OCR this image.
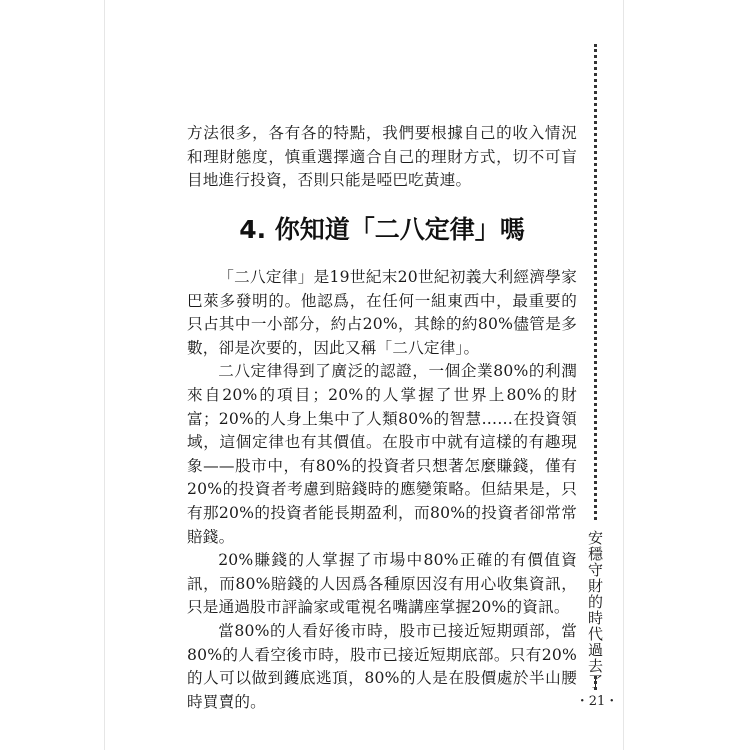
方法很多，各有各的特點，我們要根據自己的收入情況和理財態度，慎重選擇適合自己的理財方式，切不可盲目地進行投資，否則只能是啞巴吃黃連。

4. 你知道「二八定律」嗎

「二八定律」是19世紀末20世紀初義大利經濟學家巴萊多發明的。他認爲，在任何一組東西中，最重要的只占其中一小部分，約占20%，其餘的約80%儘管是多數，卻是次要的，因此又稱「二八定律」。

二八定律得到了廣泛的認證，一個企業80%的利潤來自20%的項目；20%的人掌握了世界上80%的財富；20%的人身上集中了人類80%的智慧……在投資領域，這個定律也有其價值。在股市中就有這樣的有趣現象——股市中，有80%的投資者只想著怎麼賺錢，僅有20%的投資者考慮到賠錢時的應變策略。但結果是，只有那20%的投資者能長期盈利，而80%的投資者卻常常賠錢。

20%賺錢的人掌握了市場中80%正確的有價值資訊，而80%賠錢的人因爲各種原因沒有用心收集資訊，只是通過股市評論家或電視名嘴講座掌握20%的資訊。

當80%的人看好後市時，股市已接近短期頭部，當80%的人看空後市時，股市已接近短期底部。只有20%的人可以做到鑊底逃頂，80%的人是在股價處於半山腰時買賣的。

安穩守財的時代過去了
・21・
